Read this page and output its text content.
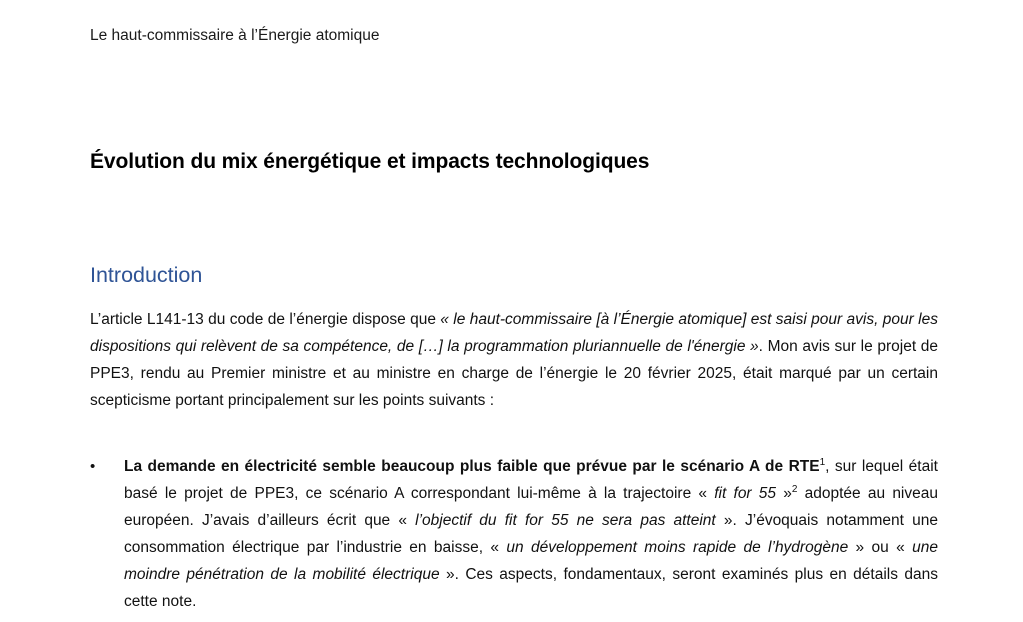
Le haut-commissaire à l’Énergie atomique
Évolution du mix énergétique et impacts technologiques
Introduction

L’article L141-13 du code de l’énergie dispose que « le haut-commissaire [à l’Énergie atomique] est saisi pour avis, pour les dispositions qui relèvent de sa compétence, de […] la programmation pluriannuelle de l'énergie ». Mon avis sur le projet de PPE3, rendu au Premier ministre et au ministre en charge de l’énergie le 20 février 2025, était marqué par un certain scepticisme portant principalement sur les points suivants :

•	La demande en électricité semble beaucoup plus faible que prévue par le scénario A de RTE$^1$, sur lequel était basé le projet de PPE3, ce scénario A correspondant lui-même à la trajectoire « fit for 55 »$^2$ adoptée au niveau européen. J’avais d’ailleurs écrit que « l’objectif du fit for 55 ne sera pas atteint ». J’évoquais notamment une consommation électrique par l’industrie en baisse, « un développement moins rapide de l’hydrogène » ou « une moindre pénétration de la mobilité électrique ». Ces aspects, fondamentaux, seront examinés plus en détails dans cette note.
